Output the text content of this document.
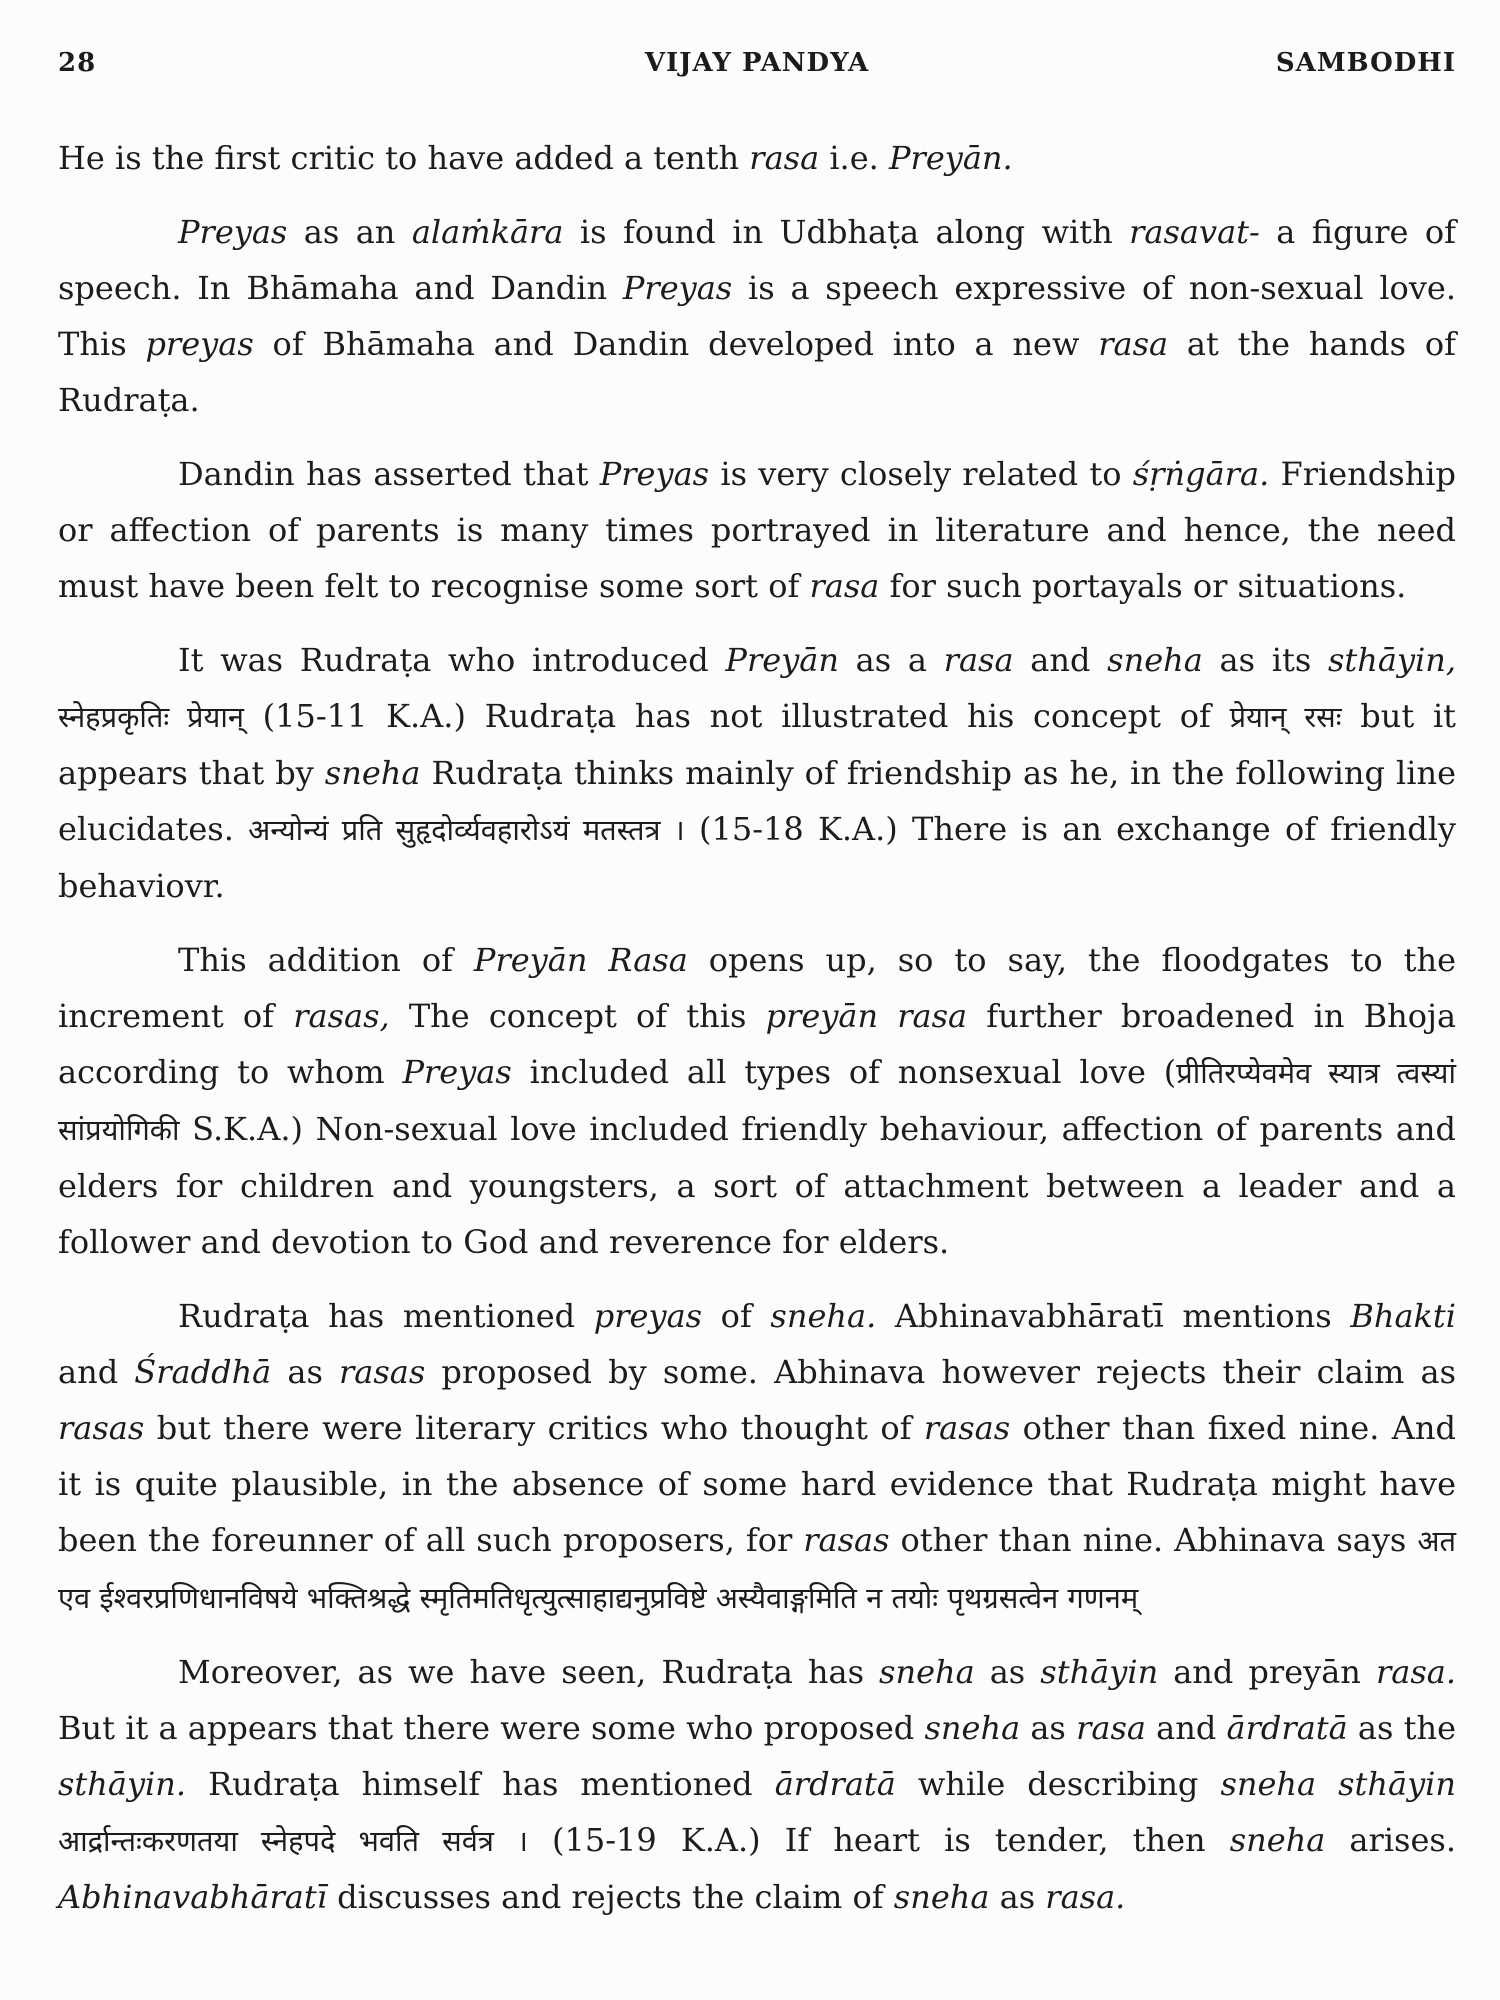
28	VIJAY PANDYA	SAMBODHI

He is the first critic to have added a tenth rasa i.e. Preyān.

Preyas as an alaṁkāra is found in Udbhaṭa along with rasavat- a figure of speech. In Bhāmaha and Dandin Preyas is a speech expressive of non-sexual love. This preyas of Bhāmaha and Dandin developed into a new rasa at the hands of Rudraṭa.

Dandin has asserted that Preyas is very closely related to śṛṅgāra. Friendship or affection of parents is many times portrayed in literature and hence, the need must have been felt to recognise some sort of rasa for such portayals or situations.

It was Rudraṭa who introduced Preyān as a rasa and sneha as its sthāyin, स्नेहप्रकृतिः प्रेयान् (15-11 K.A.) Rudraṭa has not illustrated his concept of प्रेयान् रसः but it appears that by sneha Rudraṭa thinks mainly of friendship as he, in the following line elucidates. अन्योन्यं प्रति सुहृदोर्व्यवहारोऽयं मतस्तत्र । (15-18 K.A.) There is an exchange of friendly behaviovr.

This addition of Preyān Rasa opens up, so to say, the floodgates to the increment of rasas, The concept of this preyān rasa further broadened in Bhoja according to whom Preyas included all types of nonsexual love (प्रीतिरप्येवमेव स्यात्र त्वस्यां सांप्रयोगिकी S.K.A.) Non-sexual love included friendly behaviour, affection of parents and elders for children and youngsters, a sort of attachment between a leader and a follower and devotion to God and reverence for elders.

Rudraṭa has mentioned preyas of sneha. Abhinavabhāratī mentions Bhakti and Śraddhā as rasas proposed by some. Abhinava however rejects their claim as rasas but there were literary critics who thought of rasas other than fixed nine. And it is quite plausible, in the absence of some hard evidence that Rudraṭa might have been the foreunner of all such proposers, for rasas other than nine. Abhinava says अत एव ईश्वरप्रणिधानविषये भक्तिश्रद्धे स्मृतिमतिधृत्युत्साहाद्यनुप्रविष्टे अस्यैवाङ्गमिति न तयोः पृथग्रसत्वेन गणनम्

Moreover, as we have seen, Rudraṭa has sneha as sthāyin and preyān rasa. But it a appears that there were some who proposed sneha as rasa and ārdratā as the sthāyin. Rudraṭa himself has mentioned ārdratā while describing sneha sthāyin आर्द्रान्तःकरणतया स्नेहपदे भवति सर्वत्र । (15-19 K.A.) If heart is tender, then sneha arises. Abhinavabhāratī discusses and rejects the claim of sneha as rasa.
